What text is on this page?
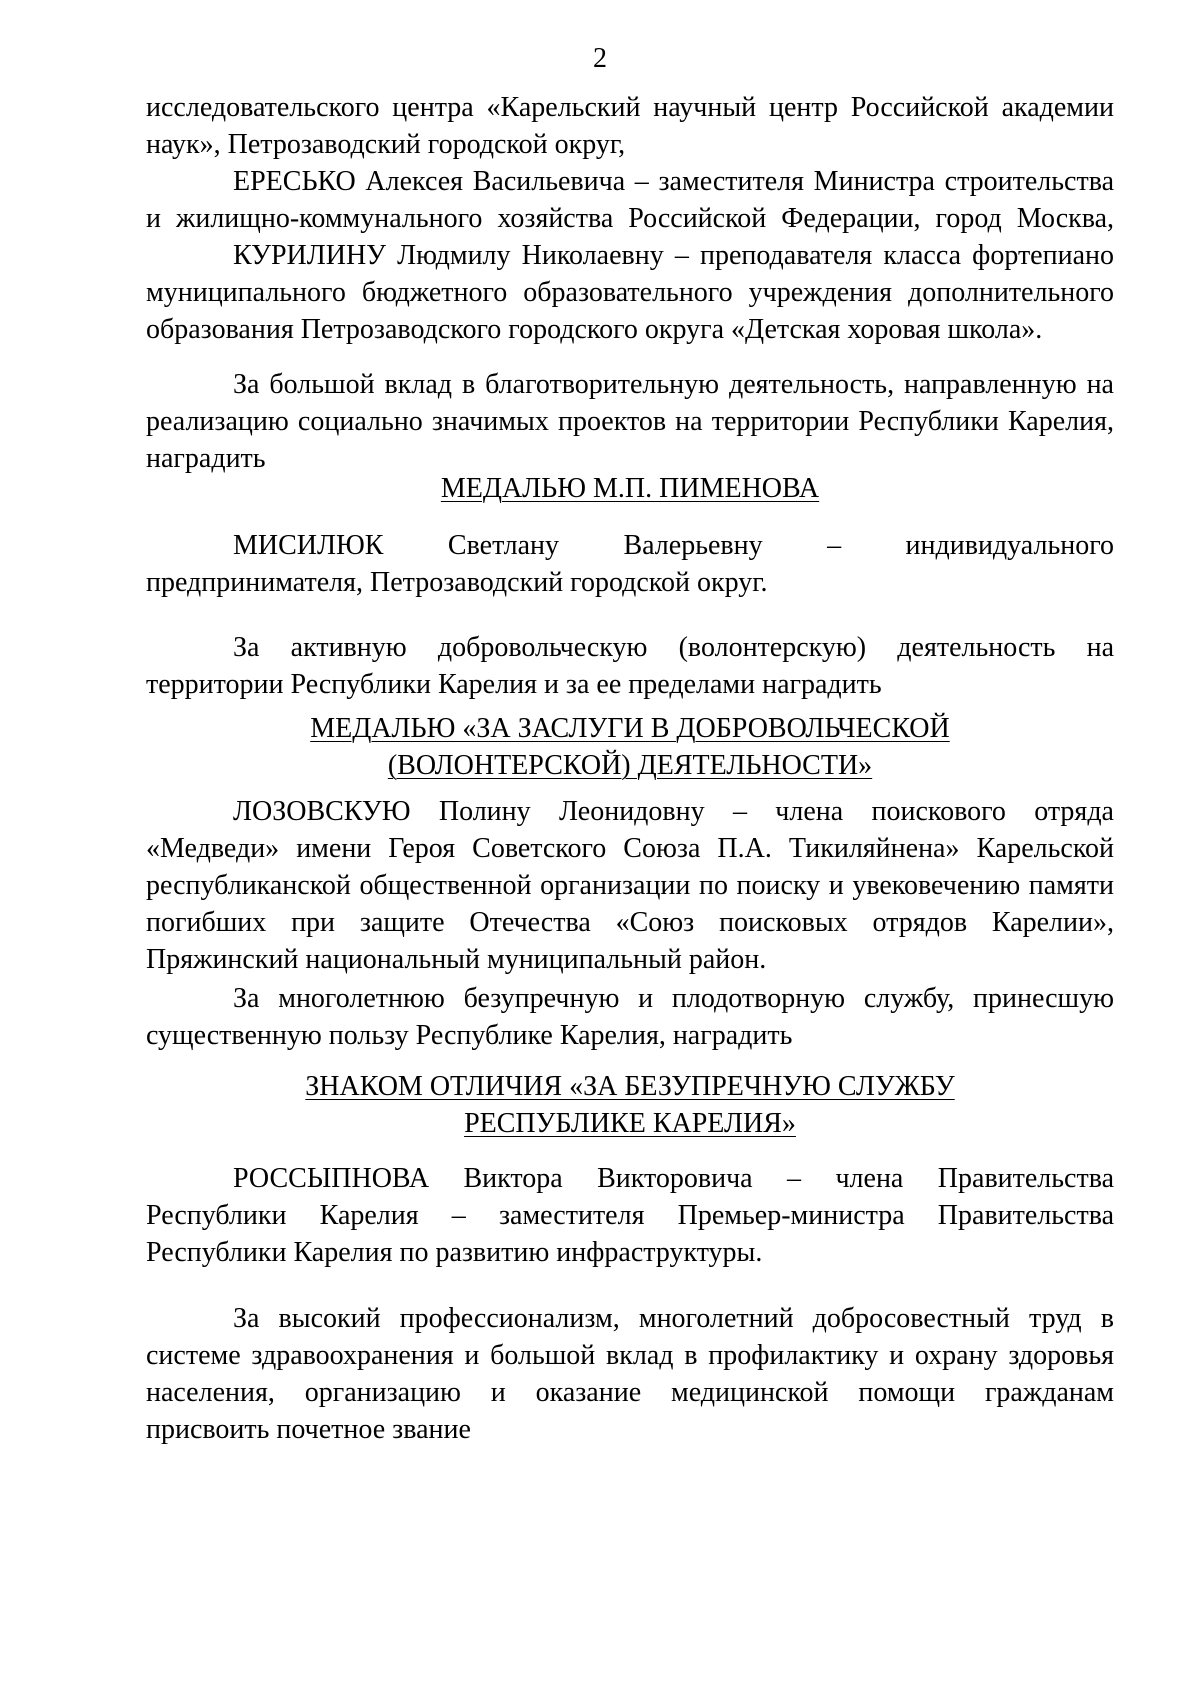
2
исследовательского центра «Карельский научный центр Российской академии
наук», Петрозаводский городской округ,
ЕРЕСЬКО Алексея Васильевича – заместителя Министра строительства
и жилищно-коммунального хозяйства Российской Федерации, город Москва,
КУРИЛИНУ Людмилу Николаевну – преподавателя класса фортепиано
муниципального бюджетного образовательного учреждения дополнительного
образования Петрозаводского городского округа «Детская хоровая школа».
За большой вклад в благотворительную деятельность, направленную на
реализацию социально значимых проектов на территории Республики Карелия,
наградить
МЕДАЛЬЮ М.П. ПИМЕНОВА
МИСИЛЮК Светлану Валерьевну – индивидуального
предпринимателя, Петрозаводский городской округ.
За активную добровольческую (волонтерскую) деятельность на
территории Республики Карелия и за ее пределами наградить
МЕДАЛЬЮ «ЗА ЗАСЛУГИ В ДОБРОВОЛЬЧЕСКОЙ
(ВОЛОНТЕРСКОЙ) ДЕЯТЕЛЬНОСТИ»
ЛОЗОВСКУЮ Полину Леонидовну – члена поискового отряда
«Медведи» имени Героя Советского Союза П.А. Тикиляйнена» Карельской
республиканской общественной организации по поиску и увековечению памяти
погибших при защите Отечества «Союз поисковых отрядов Карелии»,
Пряжинский национальный муниципальный район.
За многолетнюю безупречную и плодотворную службу, принесшую
существенную пользу Республике Карелия, наградить
ЗНАКОМ ОТЛИЧИЯ «ЗА БЕЗУПРЕЧНУЮ СЛУЖБУ
РЕСПУБЛИКЕ КАРЕЛИЯ»
РОССЫПНОВА Виктора Викторовича – члена Правительства
Республики Карелия – заместителя Премьер-министра Правительства
Республики Карелия по развитию инфраструктуры.
За высокий профессионализм, многолетний добросовестный труд в
системе здравоохранения и большой вклад в профилактику и охрану здоровья
населения, организацию и оказание медицинской помощи гражданам
присвоить почетное звание
